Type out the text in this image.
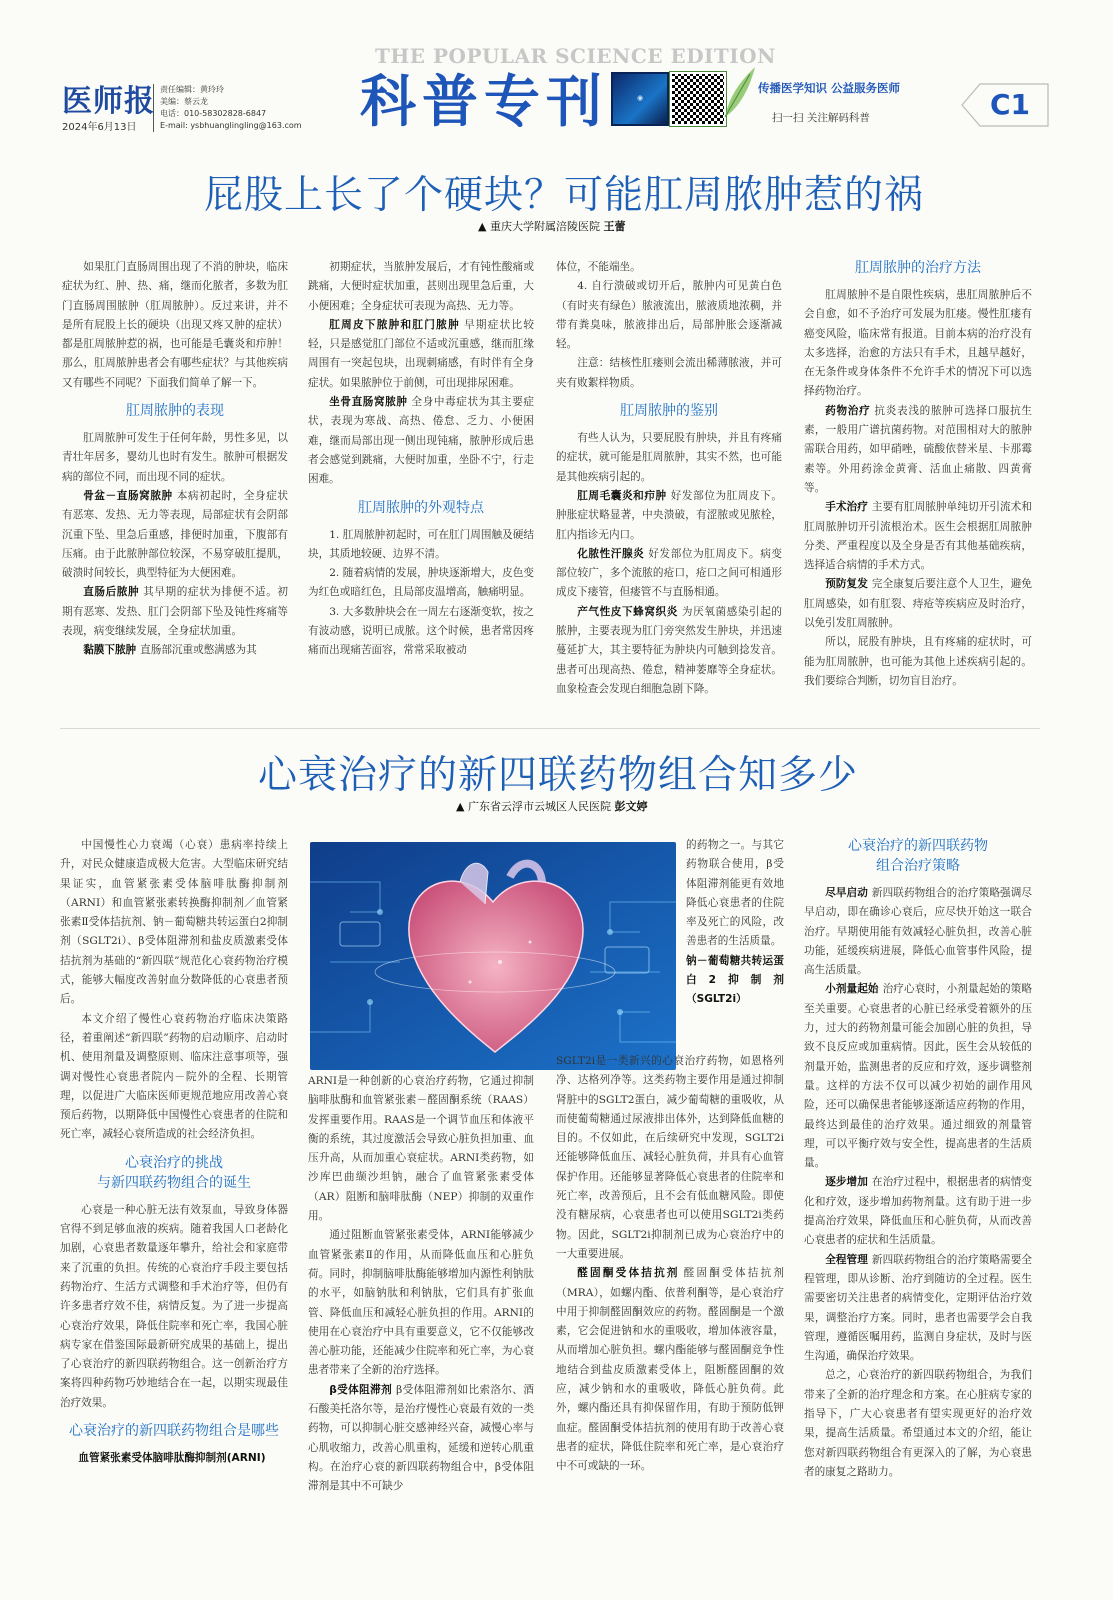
医师报
2024年6月13日
责任编辑：黄玲玲
美编：蔡云龙
电话：010-58302828-6847
E-mail: ysbhuanglingling@163.com
THE POPULAR SCIENCE EDITION
科普专刊	◉
传播医学知识 公益服务医师
扫一扫 关注解码科普	C1
屁股上长了个硬块？可能肛周脓肿惹的祸
▲ 重庆大学附属涪陵医院 王蕾

如果肛门直肠周围出现了不消的肿块，临床症状为红、肿、热、痛，继而化脓者，多数为肛门直肠周围脓肿（肛周脓肿）。反过来讲，并不是所有屁股上长的硬块（出现又疼又肿的症状）都是肛周脓肿惹的祸，也可能是毛囊炎和疖肿！那么，肛周脓肿患者会有哪些症状？与其他疾病又有哪些不同呢？下面我们简单了解一下。

肛周脓肿的表现

肛周脓肿可发生于任何年龄，男性多见，以青壮年居多，婴幼儿也时有发生。脓肿可根据发病的部位不同，而出现不同的症状。

骨盆－直肠窝脓肿 本病初起时，全身症状有恶寒、发热、无力等表现，局部症状有会阴部沉重下坠、里急后重感，排便时加重，下腹部有压痛。由于此脓肿部位较深，不易穿破肛提肌，破溃时间较长，典型特征为大便困难。

直肠后脓肿 其早期的症状为排便不适。初期有恶寒、发热、肛门会阴部下坠及钝性疼痛等表现，病变继续发展，全身症状加重。

黏膜下脓肿 直肠部沉重或憋满感为其

初期症状，当脓肿发展后，才有钝性酸痛或跳痛，大便时症状加重，甚则出现里急后重，大小便困难；全身症状可表现为高热、无力等。

肛周皮下脓肿和肛门脓肿 早期症状比较轻，只是感觉肛门部位不适或沉重感，继而肛缘周围有一突起包块，出现刺痛感，有时伴有全身症状。如果脓肿位于前侧，可出现排尿困难。

坐骨直肠窝脓肿 全身中毒症状为其主要症状，表现为寒战、高热、倦怠、乏力、小便困难，继而局部出现一侧出现钝痛，脓肿形成后患者会感觉到跳痛，大便时加重，坐卧不宁，行走困难。

肛周脓肿的外观特点

1. 肛周脓肿初起时，可在肛门周围触及硬结块，其质地较硬、边界不清。

2. 随着病情的发展，肿块逐渐增大，皮色变为红色或暗红色，且局部皮温增高，触痛明显。

3. 大多数肿块会在一周左右逐渐变软，按之有波动感，说明已成脓。这个时候，患者常因疼痛而出现痛苦面容，常常采取被动

体位，不能端坐。

4. 自行溃破或切开后，脓肿内可见黄白色（有时夹有绿色）脓液流出，脓液质地浓稠，并带有粪臭味，脓液排出后，局部肿胀会逐渐减轻。

注意：结核性肛瘘则会流出稀薄脓液，并可夹有败絮样物质。

肛周脓肿的鉴别

有些人认为，只要屁股有肿块，并且有疼痛的症状，就可能是肛周脓肿，其实不然，也可能是其他疾病引起的。

肛周毛囊炎和疖肿 好发部位为肛周皮下。肿胀症状略显著，中央溃破，有涩脓或见脓栓，肛内指诊无内口。

化脓性汗腺炎 好发部位为肛周皮下。病变部位较广，多个流脓的疮口，疮口之间可相通形成皮下瘘管，但瘘管不与直肠相通。

产气性皮下蜂窝织炎 为厌氧菌感染引起的脓肿，主要表现为肛门旁突然发生肿块，并迅速蔓延扩大，其主要特征为肿块内可触到捻发音。患者可出现高热、倦怠，精神萎靡等全身症状。血象检查会发现白细胞急剧下降。

肛周脓肿的治疗方法

肛周脓肿不是自限性疾病，患肛周脓肿后不会自愈，如不予治疗可发展为肛瘘。慢性肛瘘有癌变风险，临床常有报道。目前本病的治疗没有太多选择，治愈的方法只有手术，且越早越好，在无条件或身体条件不允许手术的情况下可以选择药物治疗。

药物治疗 抗炎表浅的脓肿可选择口服抗生素，一般用广谱抗菌药物。对范围相对大的脓肿需联合用药，如甲硝唑，硫酸依替米星、卡那霉素等。外用药涂金黄膏、活血止痛散、四黄膏等。

手术治疗 主要有肛周脓肿单纯切开引流术和肛周脓肿切开引流根治术。医生会根据肛周脓肿分类、严重程度以及全身是否有其他基础疾病，选择适合病情的手术方式。

预防复发 完全康复后要注意个人卫生，避免肛周感染，如有肛裂、痔疮等疾病应及时治疗，以免引发肛周脓肿。

所以，屁股有肿块，且有疼痛的症状时，可能为肛周脓肿，也可能为其他上述疾病引起的。我们要综合判断，切勿盲目治疗。

心衰治疗的新四联药物组合知多少
▲ 广东省云浮市云城区人民医院 彭文婷

中国慢性心力衰竭（心衰）患病率持续上升，对民众健康造成极大危害。大型临床研究结果证实，血管紧张素受体脑啡肽酶抑制剂（ARNI）和血管紧张素转换酶抑制剂／血管紧张素Ⅱ受体拮抗剂、钠－葡萄糖共转运蛋白2抑制剂（SGLT2i）、β受体阻滞剂和盐皮质激素受体拮抗剂为基础的“新四联”规范化心衰药物治疗模式，能够大幅度改善射血分数降低的心衰患者预后。

本文介绍了慢性心衰药物治疗临床决策路径，着重阐述“新四联”药物的启动顺序、启动时机、使用剂量及调整原则、临床注意事项等，强调对慢性心衰患者院内－院外的全程、长期管理，以促进广大临床医师更规范地应用改善心衰预后药物，以期降低中国慢性心衰患者的住院和死亡率，减轻心衰所造成的社会经济负担。

心衰治疗的挑战
与新四联药物组合的诞生

心衰是一种心脏无法有效泵血，导致身体器官得不到足够血液的疾病。随着我国人口老龄化加剧，心衰患者数量逐年攀升，给社会和家庭带来了沉重的负担。传统的心衰治疗手段主要包括药物治疗、生活方式调整和手术治疗等，但仍有许多患者疗效不佳，病情反复。为了进一步提高心衰治疗效果，降低住院率和死亡率，我国心脏病专家在借鉴国际最新研究成果的基础上，提出了心衰治疗的新四联药物组合。这一创新治疗方案将四种药物巧妙地结合在一起，以期实现最佳治疗效果。

心衰治疗的新四联药物组合是哪些
血管紧张素受体脑啡肽酶抑制剂(ARNI)

的药物之一。与其它药物联合使用，β受体阻滞剂能更有效地降低心衰患者的住院率及死亡的风险，改善患者的生活质量。

钠－葡萄糖共转运蛋白2抑制剂（SGLT2i）

ARNI是一种创新的心衰治疗药物，它通过抑制脑啡肽酶和血管紧张素－醛固酮系统（RAAS）发挥重要作用。RAAS是一个调节血压和体液平衡的系统，其过度激活会导致心脏负担加重、血压升高，从而加重心衰症状。ARNI类药物，如沙库巴曲缬沙坦钠，融合了血管紧张素受体（AR）阻断和脑啡肽酶（NEP）抑制的双重作用。

通过阻断血管紧张素受体，ARNI能够减少血管紧张素Ⅱ的作用，从而降低血压和心脏负荷。同时，抑制脑啡肽酶能够增加内源性利钠肽的水平，如脑钠肽和利钠肽，它们具有扩张血管、降低血压和减轻心脏负担的作用。ARNI的使用在心衰治疗中具有重要意义，它不仅能够改善心脏功能，还能减少住院率和死亡率，为心衰患者带来了全新的治疗选择。

β受体阻滞剂 β受体阻滞剂如比索洛尔、酒石酸美托洛尔等，是治疗慢性心衰最有效的一类药物，可以抑制心脏交感神经兴奋，减慢心率与心肌收缩力，改善心肌重构，延缓和逆转心肌重构。在治疗心衰的新四联药物组合中，β受体阻滞剂是其中不可缺少

SGLT2i是一类新兴的心衰治疗药物，如恩格列净、达格列净等。这类药物主要作用是通过抑制肾脏中的SGLT2蛋白，减少葡萄糖的重吸收，从而使葡萄糖通过尿液排出体外，达到降低血糖的目的。不仅如此，在后续研究中发现，SGLT2i还能够降低血压、减轻心脏负荷，并具有心血管保护作用。还能够显著降低心衰患者的住院率和死亡率，改善预后，且不会有低血糖风险。即使没有糖尿病，心衰患者也可以使用SGLT2i类药物。因此，SGLT2i抑制剂已成为心衰治疗中的一大重要进展。

醛固酮受体拮抗剂 醛固酮受体拮抗剂（MRA），如螺内酯、依普利酮等，是心衰治疗中用于抑制醛固酮效应的药物。醛固酮是一个激素，它会促进钠和水的重吸收，增加体液容量，从而增加心脏负担。螺内酯能够与醛固酮竞争性地结合到盐皮质激素受体上，阻断醛固酮的效应，减少钠和水的重吸收，降低心脏负荷。此外，螺内酯还具有抑保留作用，有助于预防低钾血症。醛固酮受体拮抗剂的使用有助于改善心衰患者的症状，降低住院率和死亡率，是心衰治疗中不可或缺的一环。

心衰治疗的新四联药物
组合治疗策略

尽早启动 新四联药物组合的治疗策略强调尽早启动，即在确诊心衰后，应尽快开始这一联合治疗。早期使用能有效减轻心脏负担，改善心脏功能，延缓疾病进展，降低心血管事件风险，提高生活质量。

小剂量起始 治疗心衰时，小剂量起始的策略至关重要。心衰患者的心脏已经承受着额外的压力，过大的药物剂量可能会加剧心脏的负担，导致不良反应或加重病情。因此，医生会从较低的剂量开始，监测患者的反应和疗效，逐步调整剂量。这样的方法不仅可以减少初始的副作用风险，还可以确保患者能够逐渐适应药物的作用，最终达到最佳的治疗效果。通过细致的剂量管理，可以平衡疗效与安全性，提高患者的生活质量。

逐步增加 在治疗过程中，根据患者的病情变化和疗效，逐步增加药物剂量。这有助于进一步提高治疗效果，降低血压和心脏负荷，从而改善心衰患者的症状和生活质量。

全程管理 新四联药物组合的治疗策略需要全程管理，即从诊断、治疗到随访的全过程。医生需要密切关注患者的病情变化，定期评估治疗效果，调整治疗方案。同时，患者也需要学会自我管理，遵循医嘱用药，监测自身症状，及时与医生沟通，确保治疗效果。

总之，心衰治疗的新四联药物组合，为我们带来了全新的治疗理念和方案。在心脏病专家的指导下，广大心衰患者有望实现更好的治疗效果，提高生活质量。希望通过本文的介绍，能让您对新四联药物组合有更深入的了解，为心衰患者的康复之路助力。
